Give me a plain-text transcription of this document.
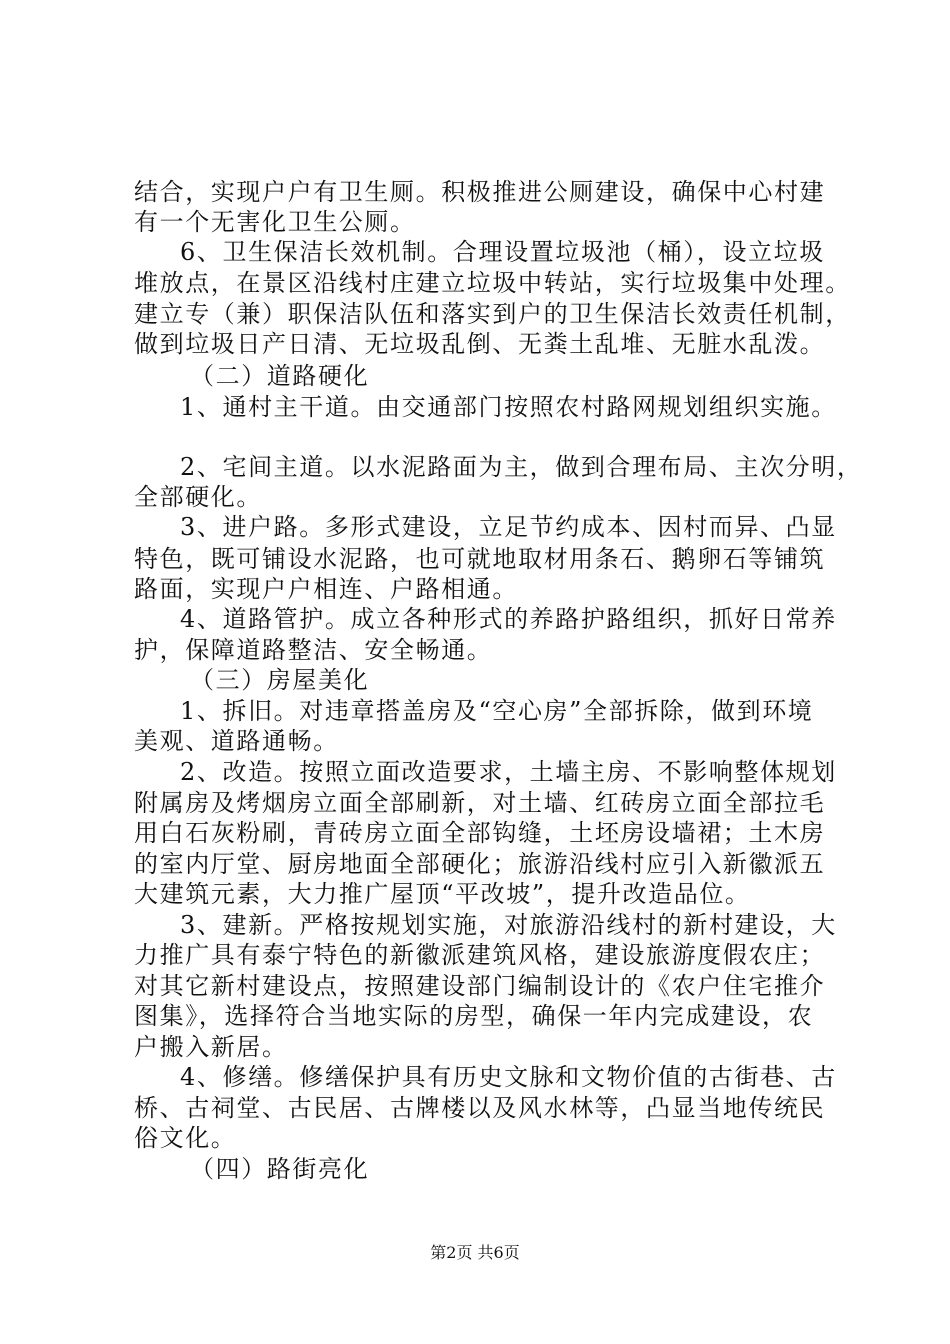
结合，实现户户有卫生厕。积极推进公厕建设，确保中心村建
有一个无害化卫生公厕。
6、卫生保洁长效机制。合理设置垃圾池（桶），设立垃圾
堆放点，在景区沿线村庄建立垃圾中转站，实行垃圾集中处理。
建立专（兼）职保洁队伍和落实到户的卫生保洁长效责任机制，
做到垃圾日产日清、无垃圾乱倒、无粪土乱堆、无脏水乱泼。
（二）道路硬化
1、通村主干道。由交通部门按照农村路网规划组织实施。
2、宅间主道。以水泥路面为主，做到合理布局、主次分明，
全部硬化。
3、进户路。多形式建设，立足节约成本、因村而异、凸显
特色，既可铺设水泥路，也可就地取材用条石、鹅卵石等铺筑
路面，实现户户相连、户路相通。
4、道路管护。成立各种形式的养路护路组织，抓好日常养
护，保障道路整洁、安全畅通。
（三）房屋美化
1、拆旧。对违章搭盖房及“空心房”全部拆除，做到环境
美观、道路通畅。
2、改造。按照立面改造要求，土墙主房、不影响整体规划
附属房及烤烟房立面全部刷新，对土墙、红砖房立面全部拉毛
用白石灰粉刷，青砖房立面全部钩缝，土坯房设墙裙；土木房
的室内厅堂、厨房地面全部硬化；旅游沿线村应引入新徽派五
大建筑元素，大力推广屋顶“平改坡”，提升改造品位。
3、建新。严格按规划实施，对旅游沿线村的新村建设，大
力推广具有泰宁特色的新徽派建筑风格，建设旅游度假农庄；
对其它新村建设点，按照建设部门编制设计的《农户住宅推介
图集》，选择符合当地实际的房型，确保一年内完成建设，农
户搬入新居。
4、修缮。修缮保护具有历史文脉和文物价值的古街巷、古
桥、古祠堂、古民居、古牌楼以及风水林等，凸显当地传统民
俗文化。
（四）路街亮化
第2页 共6页
